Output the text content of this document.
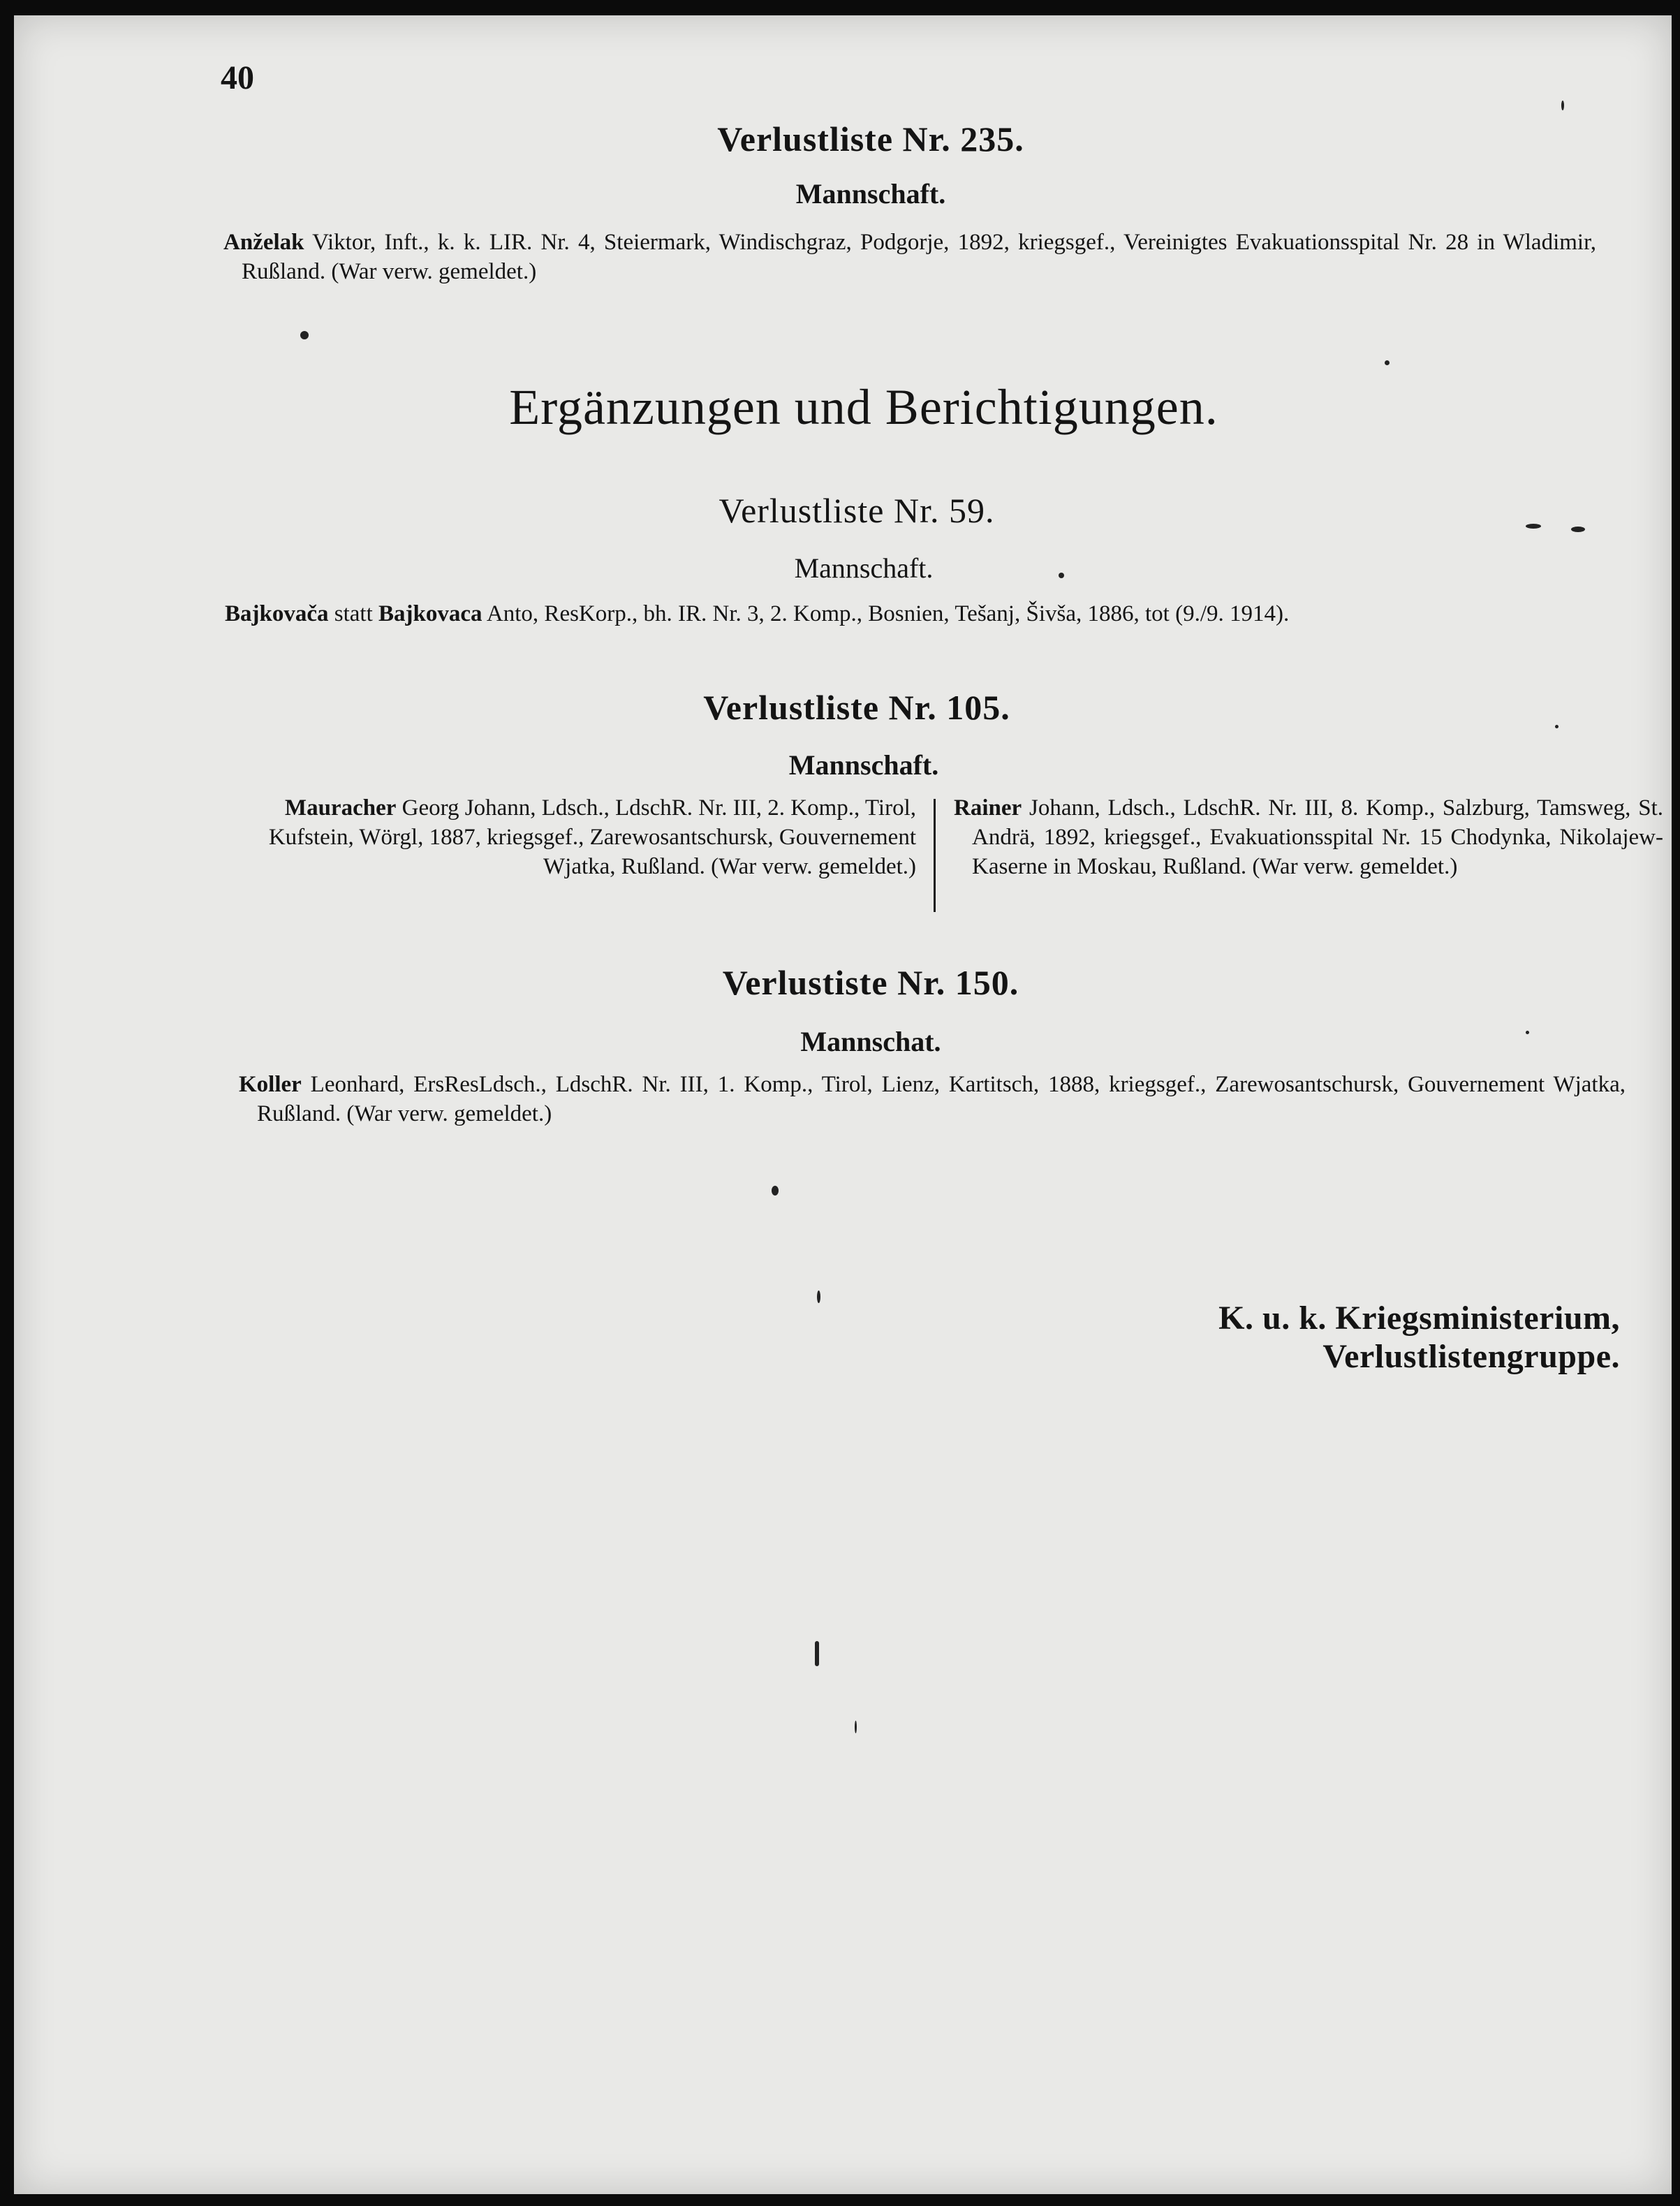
40
Verlustliste Nr. 235.
Mannschaft.
Anželak Viktor, Inft., k. k. LIR. Nr. 4, Steiermark, Windischgraz, Podgorje, 1892, kriegsgef., Vereinigtes Evakuationsspital Nr. 28 in Wladimir, Rußland. (War verw. gemeldet.)
Ergänzungen und Berichtigungen.
Verlustliste Nr. 59.
Mannschaft.
Bajkovača statt Bajkovaca Anto, ResKorp., bh. IR. Nr. 3, 2. Komp., Bosnien, Tešanj, Šivša, 1886, tot (9./9. 1914).
Verlustliste Nr. 105.
Mannschaft.
Mauracher Georg Johann, Ldsch., LdschR. Nr. III, 2. Komp., Tirol, Kufstein, Wörgl, 1887, kriegsgef., Zarewosantschursk, Gouvernement Wjatka, Rußland. (War verw. gemeldet.)
Rainer Johann, Ldsch., LdschR. Nr. III, 8. Komp., Salzburg, Tamsweg, St. Andrä, 1892, kriegsgef., Evakuationsspital Nr. 15 Chodynka, Nikolajew-Kaserne in Moskau, Rußland. (War verw. gemeldet.)
Verlustiste Nr. 150.
Mannschat.
Koller Leonhard, ErsResLdsch., LdschR. Nr. III, 1. Komp., Tirol, Lienz, Kartitsch, 1888, kriegsgef., Zarewosantschursk, Gouvernement Wjatka, Rußland. (War verw. gemeldet.)
K. u. k. Kriegsministerium, Verlustlistengruppe.
